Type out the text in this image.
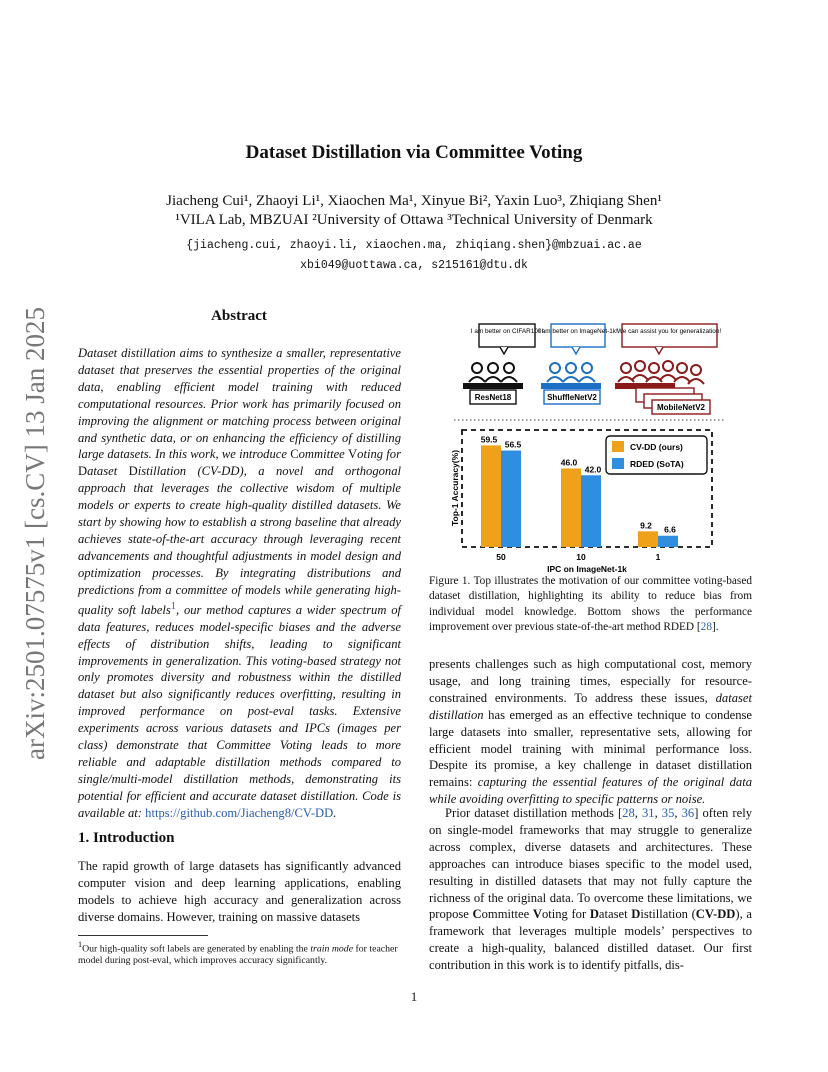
Dataset Distillation via Committee Voting
Jiacheng Cui¹, Zhaoyi Li¹, Xiaochen Ma¹, Xinyue Bi², Yaxin Luo³, Zhiqiang Shen¹
¹VILA Lab, MBZUAI ²University of Ottawa ³Technical University of Denmark
{jiacheng.cui, zhaoyi.li, xiaochen.ma, zhiqiang.shen}@mbzuai.ac.ae
xbi049@uottawa.ca, s215161@dtu.dk
arXiv:2501.07575v1 [cs.CV] 13 Jan 2025	Abstract
Dataset distillation aims to synthesize a smaller, representative dataset that preserves the essential properties of the original data, enabling efficient model training with reduced computational resources. Prior work has primarily focused on improving the alignment or matching process between original and synthetic data, or on enhancing the efficiency of distilling large datasets. In this work, we introduce Committee Voting for Dataset Distillation (CV-DD), a novel and orthogonal approach that leverages the collective wisdom of multiple models or experts to create high-quality distilled datasets. We start by showing how to establish a strong baseline that already achieves state-of-the-art accuracy through leveraging recent advancements and thoughtful adjustments in model design and optimization processes. By integrating distributions and predictions from a committee of models while generating high-quality soft labels$^1$, our method captures a wider spectrum of data features, reduces model-specific biases and the adverse effects of distribution shifts, leading to significant improvements in generalization. This voting-based strategy not only promotes diversity and robustness within the distilled dataset but also significantly reduces overfitting, resulting in improved performance on post-eval tasks. Extensive experiments across various datasets and IPCs (images per class) demonstrate that Committee Voting leads to more reliable and adaptable distillation methods compared to single/multi-model distillation methods, demonstrating its potential for efficient and accurate dataset distillation. Code is available at: https://github.com/Jiacheng8/CV-DD.
1. Introduction
The rapid growth of large datasets has significantly advanced computer vision and deep learning applications, enabling models to achieve high accuracy and generalization across diverse domains. However, training on massive datasets
$^1$Our high-quality soft labels are generated by enabling the train mode for teacher model during post-eval, which improves accuracy significantly.
I am better on CIFAR100!
I am better on ImageNet-1k! We can assist you for generalization!
ResNet18	ShuffleNetV2
MobileNetV2
59.5
56.5
50
46.0
42.0
10
9.2 6.6
1
CV-DD (ours)
RDED (SoTA)
Top-1 Accuracy(%)
IPC on ImageNet-1k
Figure 1. Top illustrates the motivation of our committee voting-based dataset distillation, highlighting its ability to reduce bias from individual model knowledge. Bottom shows the performance improvement over previous state-of-the-art method RDED [28].
presents challenges such as high computational cost, memory usage, and long training times, especially for resource-constrained environments. To address these issues, dataset distillation has emerged as an effective technique to condense large datasets into smaller, representative sets, allowing for efficient model training with minimal performance loss. Despite its promise, a key challenge in dataset distillation remains: capturing the essential features of the original data while avoiding overfitting to specific patterns or noise.
Prior dataset distillation methods [28, 31, 35, 36] often rely on single-model frameworks that may struggle to generalize across complex, diverse datasets and architectures. These approaches can introduce biases specific to the model used, resulting in distilled datasets that may not fully capture the richness of the original data. To overcome these limitations, we propose Committee Voting for Dataset Distillation (CV-DD), a framework that leverages multiple models’ perspectives to create a high-quality, balanced distilled dataset. Our first contribution in this work is to identify pitfalls, dis-
1
